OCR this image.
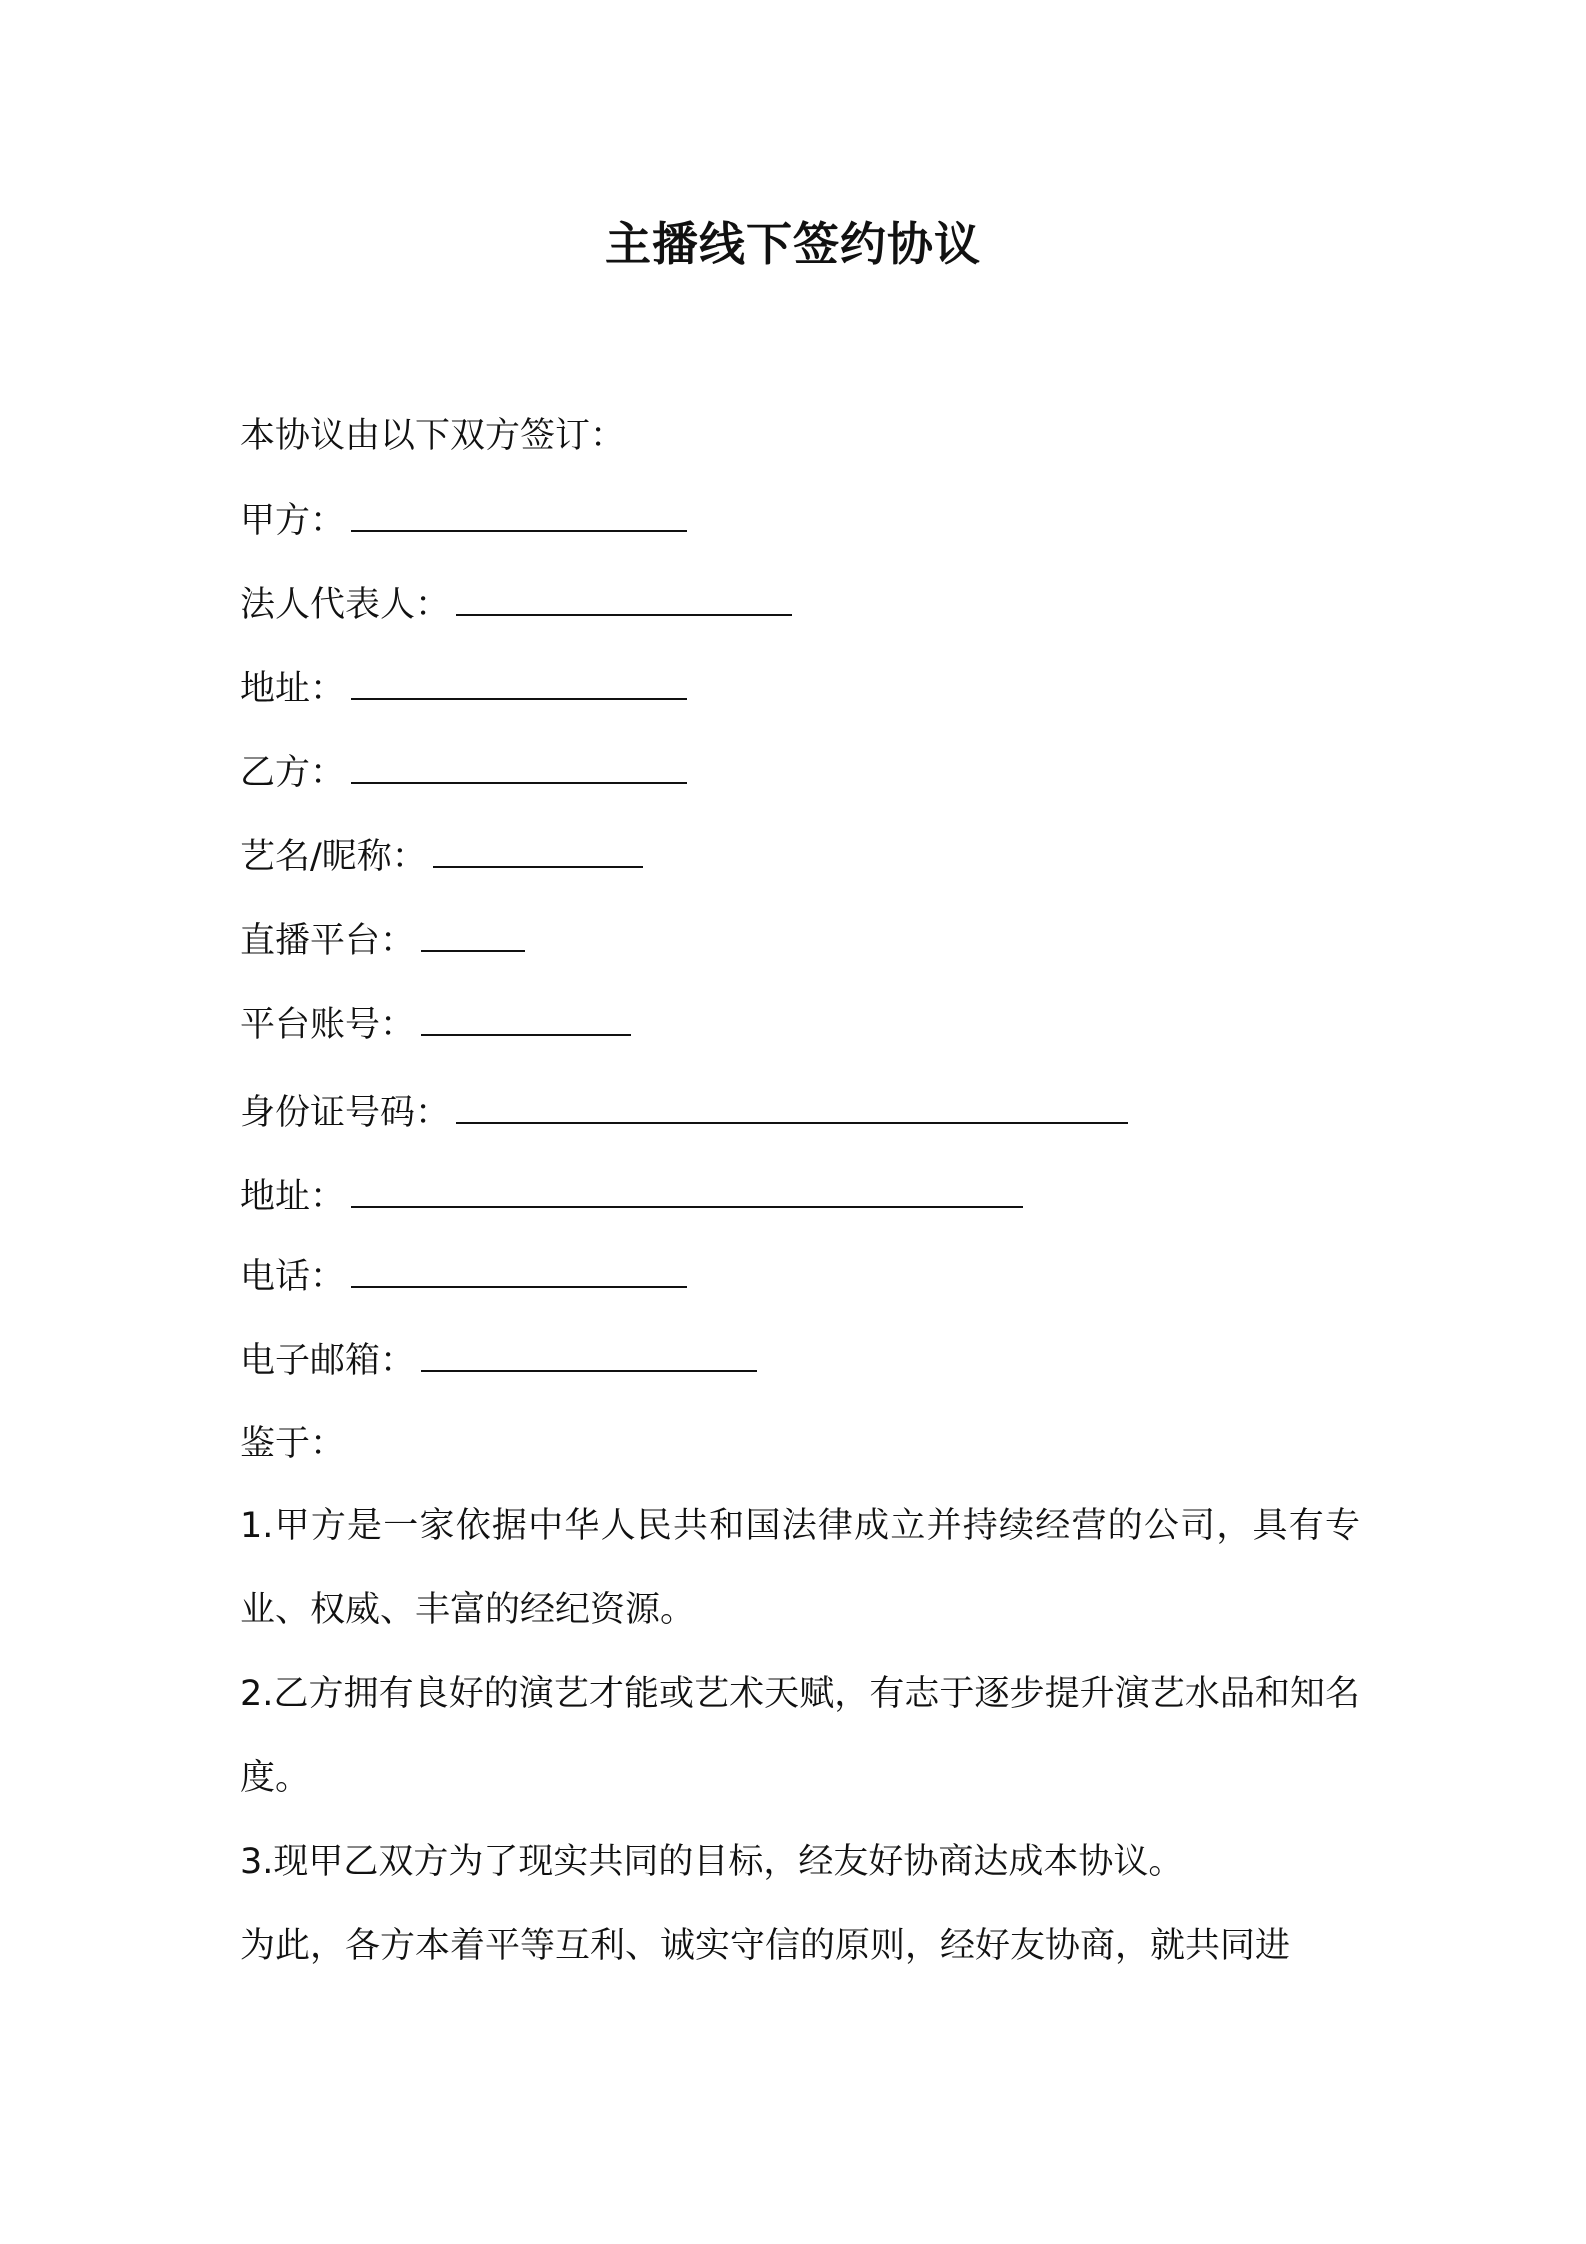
主播线下签约协议

本协议由以下双方签订：

甲方：
法人代表人：
地址：
乙方：
艺名/昵称：
直播平台：
平台账号：
身份证号码：
地址：
电话：
电子邮箱：

鉴于：

1.甲方是一家依据中华人民共和国法律成立并持续经营的公司，具有专业、权威、丰富的经纪资源。

2.乙方拥有良好的演艺才能或艺术天赋，有志于逐步提升演艺水品和知名度。

3.现甲乙双方为了现实共同的目标，经友好协商达成本协议。

为此，各方本着平等互利、诚实守信的原则，经好友协商，就共同进
